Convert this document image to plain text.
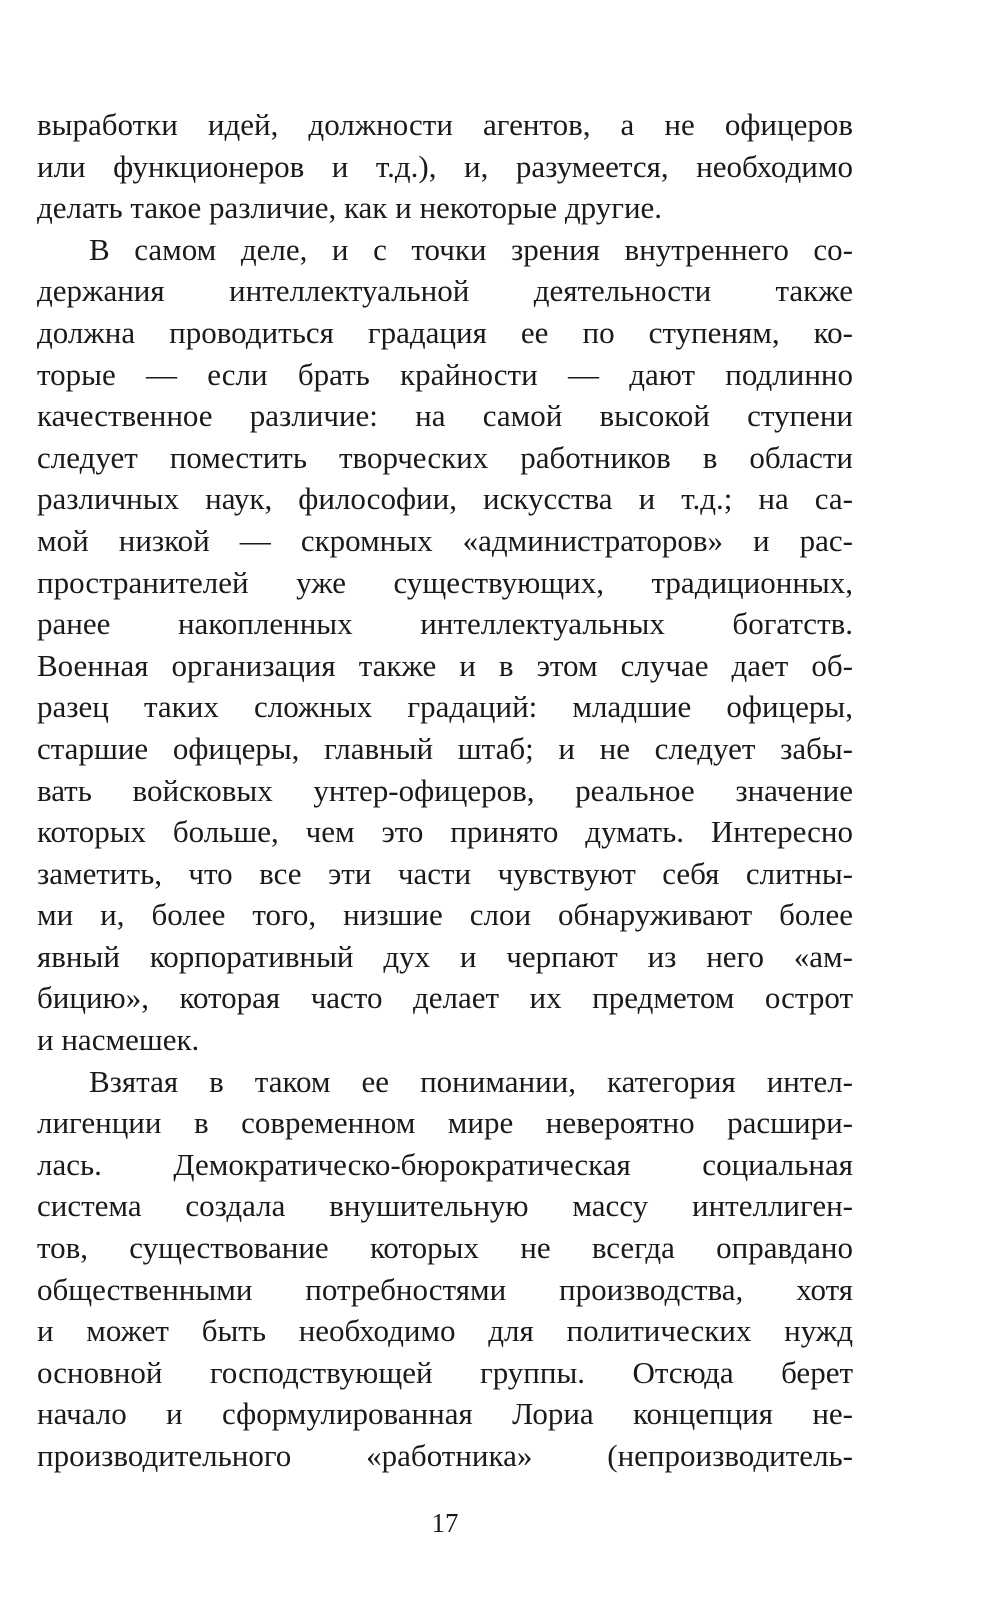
выработки идей, должности агентов, а не офицеров
или функционеров и т.д.), и, разумеется, необходимо
делать такое различие, как и некоторые другие.
В самом деле, и с точки зрения внутреннего со-
держания интеллектуальной деятельности также
должна проводиться градация ее по ступеням, ко-
торые — если брать крайности — дают подлинно
качественное различие: на самой высокой ступени
следует поместить творческих работников в области
различных наук, философии, искусства и т.д.; на са-
мой низкой — скромных «администраторов» и рас-
пространителей уже существующих, традиционных,
ранее накопленных интеллектуальных богатств.
Военная организация также и в этом случае дает об-
разец таких сложных градаций: младшие офицеры,
старшие офицеры, главный штаб; и не следует забы-
вать войсковых унтер-офицеров, реальное значение
которых больше, чем это принято думать. Интересно
заметить, что все эти части чувствуют себя слитны-
ми и, более того, низшие слои обнаруживают более
явный корпоративный дух и черпают из него «ам-
бицию», которая часто делает их предметом острот
и насмешек.
Взятая в таком ее понимании, категория интел-
лигенции в современном мире невероятно расшири-
лась. Демократическо-бюрократическая социальная
система создала внушительную массу интеллиген-
тов, существование которых не всегда оправдано
общественными потребностями производства, хотя
и может быть необходимо для политических нужд
основной господствующей группы. Отсюда берет
начало и сформулированная Лориа концепция не-
производительного «работника» (непроизводитель-
17
